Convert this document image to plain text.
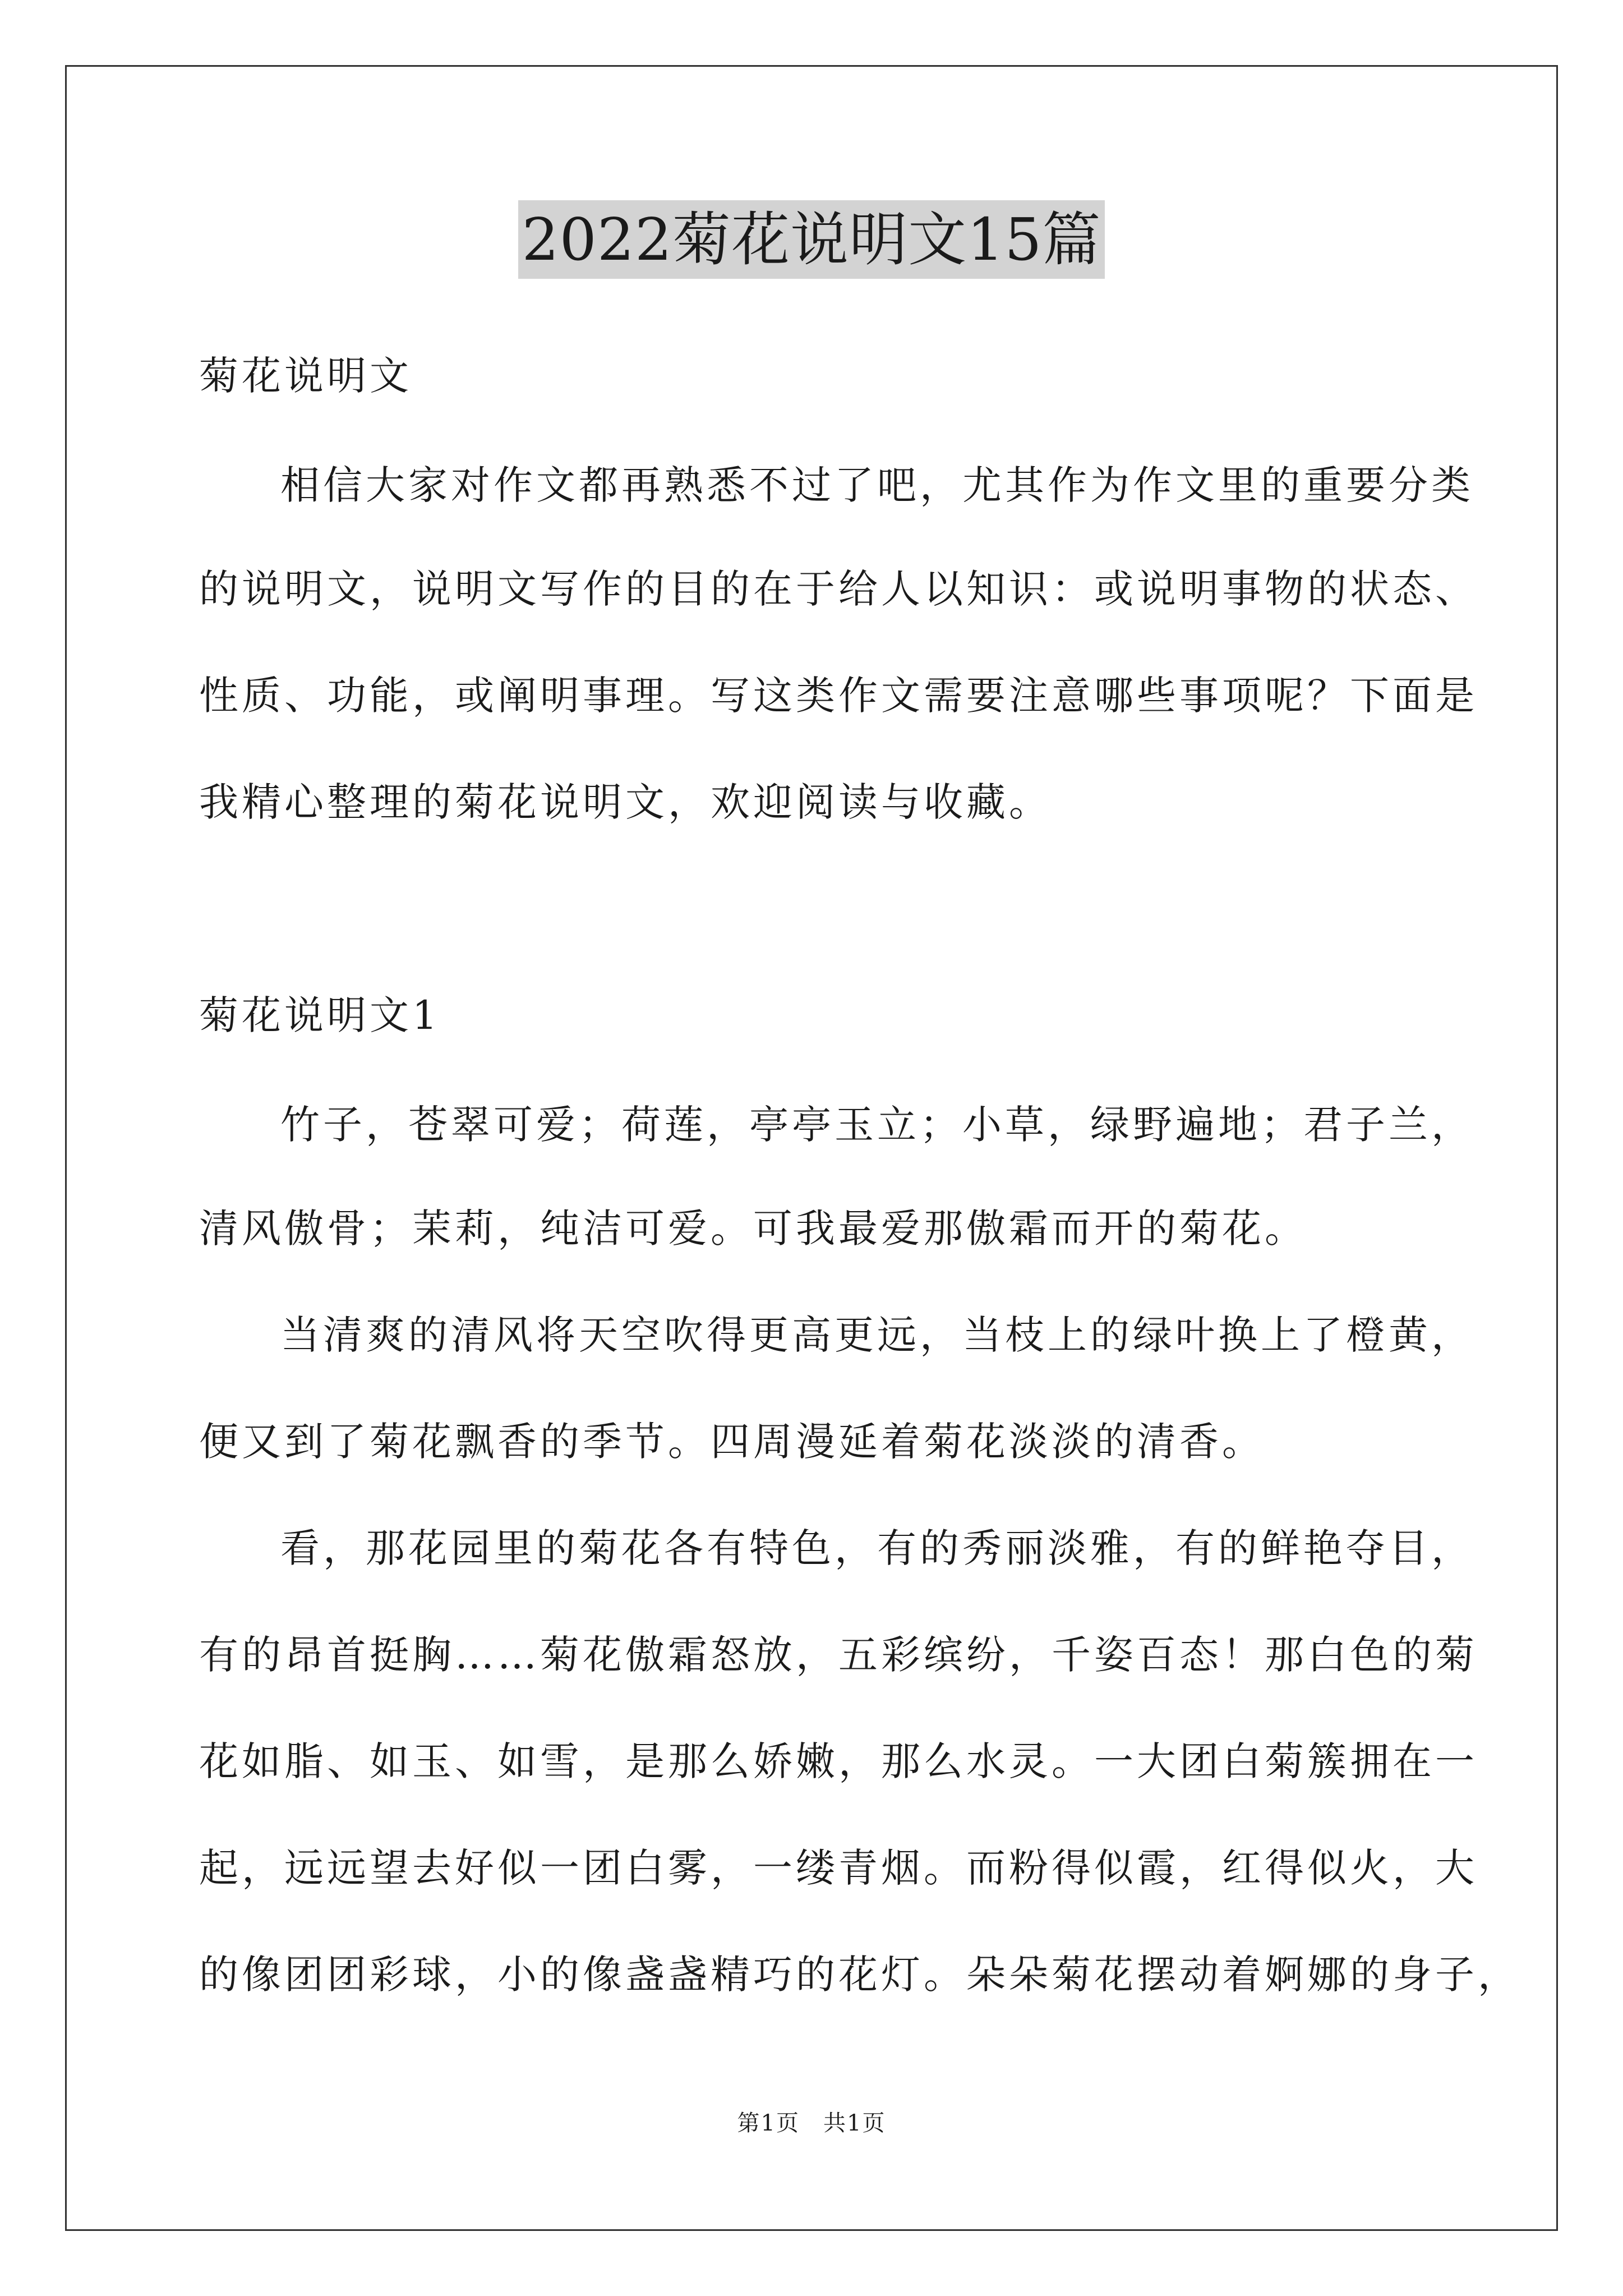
2022菊花说明文15篇
菊花说明文
相信大家对作文都再熟悉不过了吧，尤其作为作文里的重要分类
的说明文，说明文写作的目的在于给人以知识：或说明事物的状态、
性质、功能，或阐明事理。写这类作文需要注意哪些事项呢？下面是
我精心整理的菊花说明文，欢迎阅读与收藏。
菊花说明文1
竹子，苍翠可爱；荷莲，亭亭玉立；小草，绿野遍地；君子兰，
清风傲骨；茉莉，纯洁可爱。可我最爱那傲霜而开的菊花。
当清爽的清风将天空吹得更高更远，当枝上的绿叶换上了橙黄，
便又到了菊花飘香的季节。四周漫延着菊花淡淡的清香。
看，那花园里的菊花各有特色，有的秀丽淡雅，有的鲜艳夺目，
有的昂首挺胸……菊花傲霜怒放，五彩缤纷，千姿百态！那白色的菊
花如脂、如玉、如雪，是那么娇嫩，那么水灵。一大团白菊簇拥在一
起，远远望去好似一团白雾，一缕青烟。而粉得似霞，红得似火，大
的像团团彩球，小的像盏盏精巧的花灯。朵朵菊花摆动着婀娜的身子，
第1页　共1页
